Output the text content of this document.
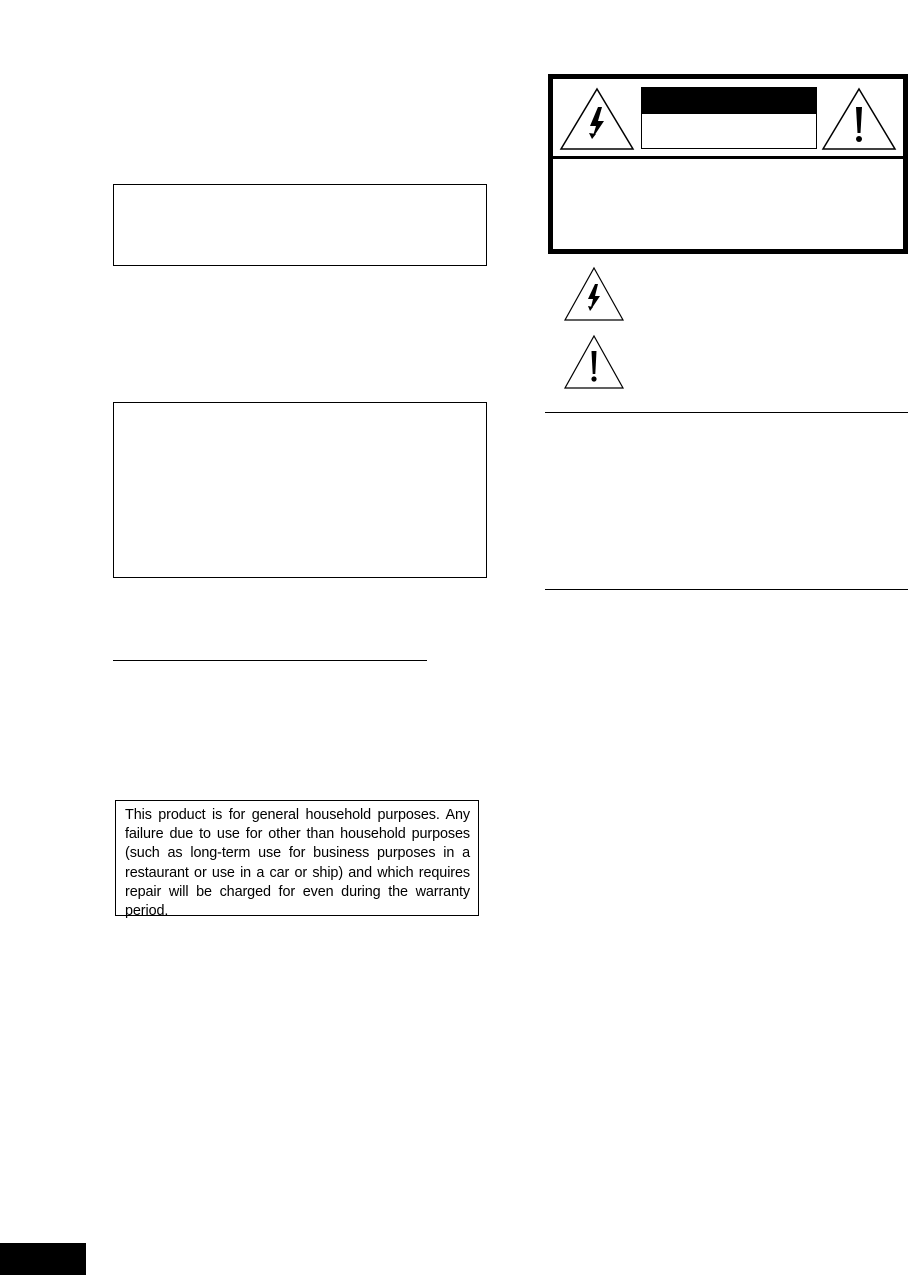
This product is for general household purposes. Any failure due to use for other than household purposes (such as long-term use for business purposes in a restaurant or use in a car or ship) and which requires repair will be charged for even during the warranty period.
